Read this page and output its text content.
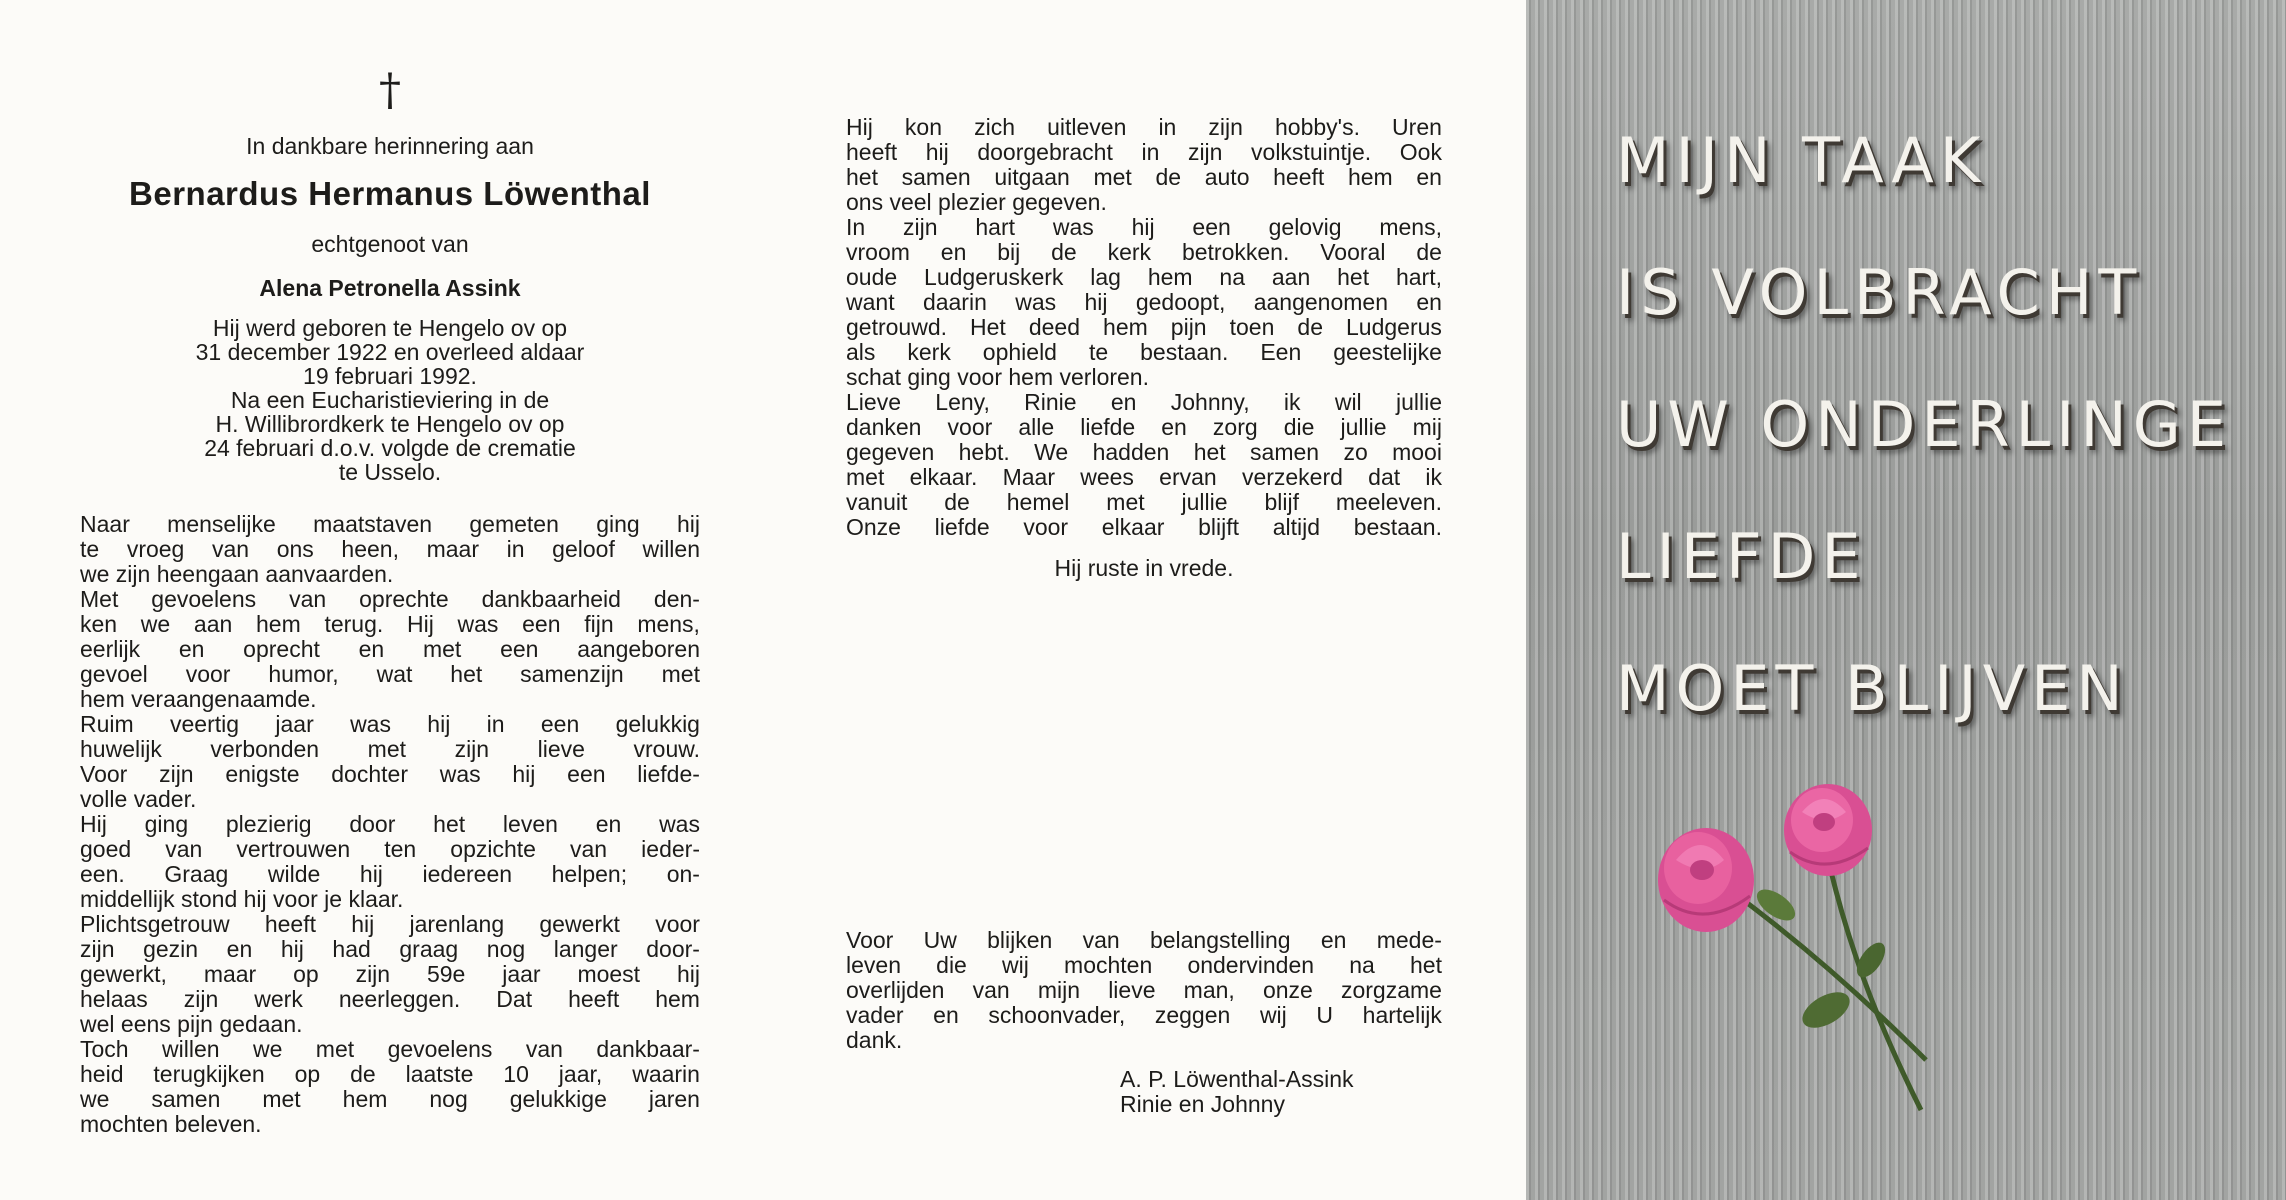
†
In dankbare herinnering aan
Bernardus Hermanus Löwenthal
echtgenoot van
Alena Petronella Assink
Hij werd geboren te Hengelo ov op
31 december 1922 en overleed aldaar
19 februari 1992.
Na een Eucharistieviering in de
H. Willibrordkerk te Hengelo ov op
24 februari d.o.v. volgde de crematie
te Usselo.
Naar menselijke maatstaven gemeten ging hij
te vroeg van ons heen, maar in geloof willen
we zijn heengaan aanvaarden.
Met gevoelens van oprechte dankbaarheid den-
ken we aan hem terug. Hij was een fijn mens,
eerlijk en oprecht en met een aangeboren
gevoel voor humor, wat het samenzijn met
hem veraangenaamde.
Ruim veertig jaar was hij in een gelukkig
huwelijk verbonden met zijn lieve vrouw.
Voor zijn enigste dochter was hij een liefde-
volle vader.
Hij ging plezierig door het leven en was
goed van vertrouwen ten opzichte van ieder-
een. Graag wilde hij iedereen helpen; on-
middellijk stond hij voor je klaar.
Plichtsgetrouw heeft hij jarenlang gewerkt voor
zijn gezin en hij had graag nog langer door-
gewerkt, maar op zijn 59e jaar moest hij
helaas zijn werk neerleggen. Dat heeft hem
wel eens pijn gedaan.
Toch willen we met gevoelens van dankbaar-
heid terugkijken op de laatste 10 jaar, waarin
we samen met hem nog gelukkige jaren
mochten beleven.
Hij kon zich uitleven in zijn hobby's. Uren
heeft hij doorgebracht in zijn volkstuintje. Ook
het samen uitgaan met de auto heeft hem en
ons veel plezier gegeven.
In zijn hart was hij een gelovig mens,
vroom en bij de kerk betrokken. Vooral de
oude Ludgeruskerk lag hem na aan het hart,
want daarin was hij gedoopt, aangenomen en
getrouwd. Het deed hem pijn toen de Ludgerus
als kerk ophield te bestaan. Een geestelijke
schat ging voor hem verloren.
Lieve Leny, Rinie en Johnny, ik wil jullie
danken voor alle liefde en zorg die jullie mij
gegeven hebt. We hadden het samen zo mooi
met elkaar. Maar wees ervan verzekerd dat ik
vanuit de hemel met jullie blijf meeleven.
Onze liefde voor elkaar blijft altijd bestaan.
Hij ruste in vrede.
Voor Uw blijken van belangstelling en mede-
leven die wij mochten ondervinden na het
overlijden van mijn lieve man, onze zorgzame
vader en schoonvader, zeggen wij U hartelijk
dank.
A. P. Löwenthal-Assink
Rinie en Johnny
MIJN TAAK
IS VOLBRACHT
UW ONDERLINGE
LIEFDE
MOET BLIJVEN
